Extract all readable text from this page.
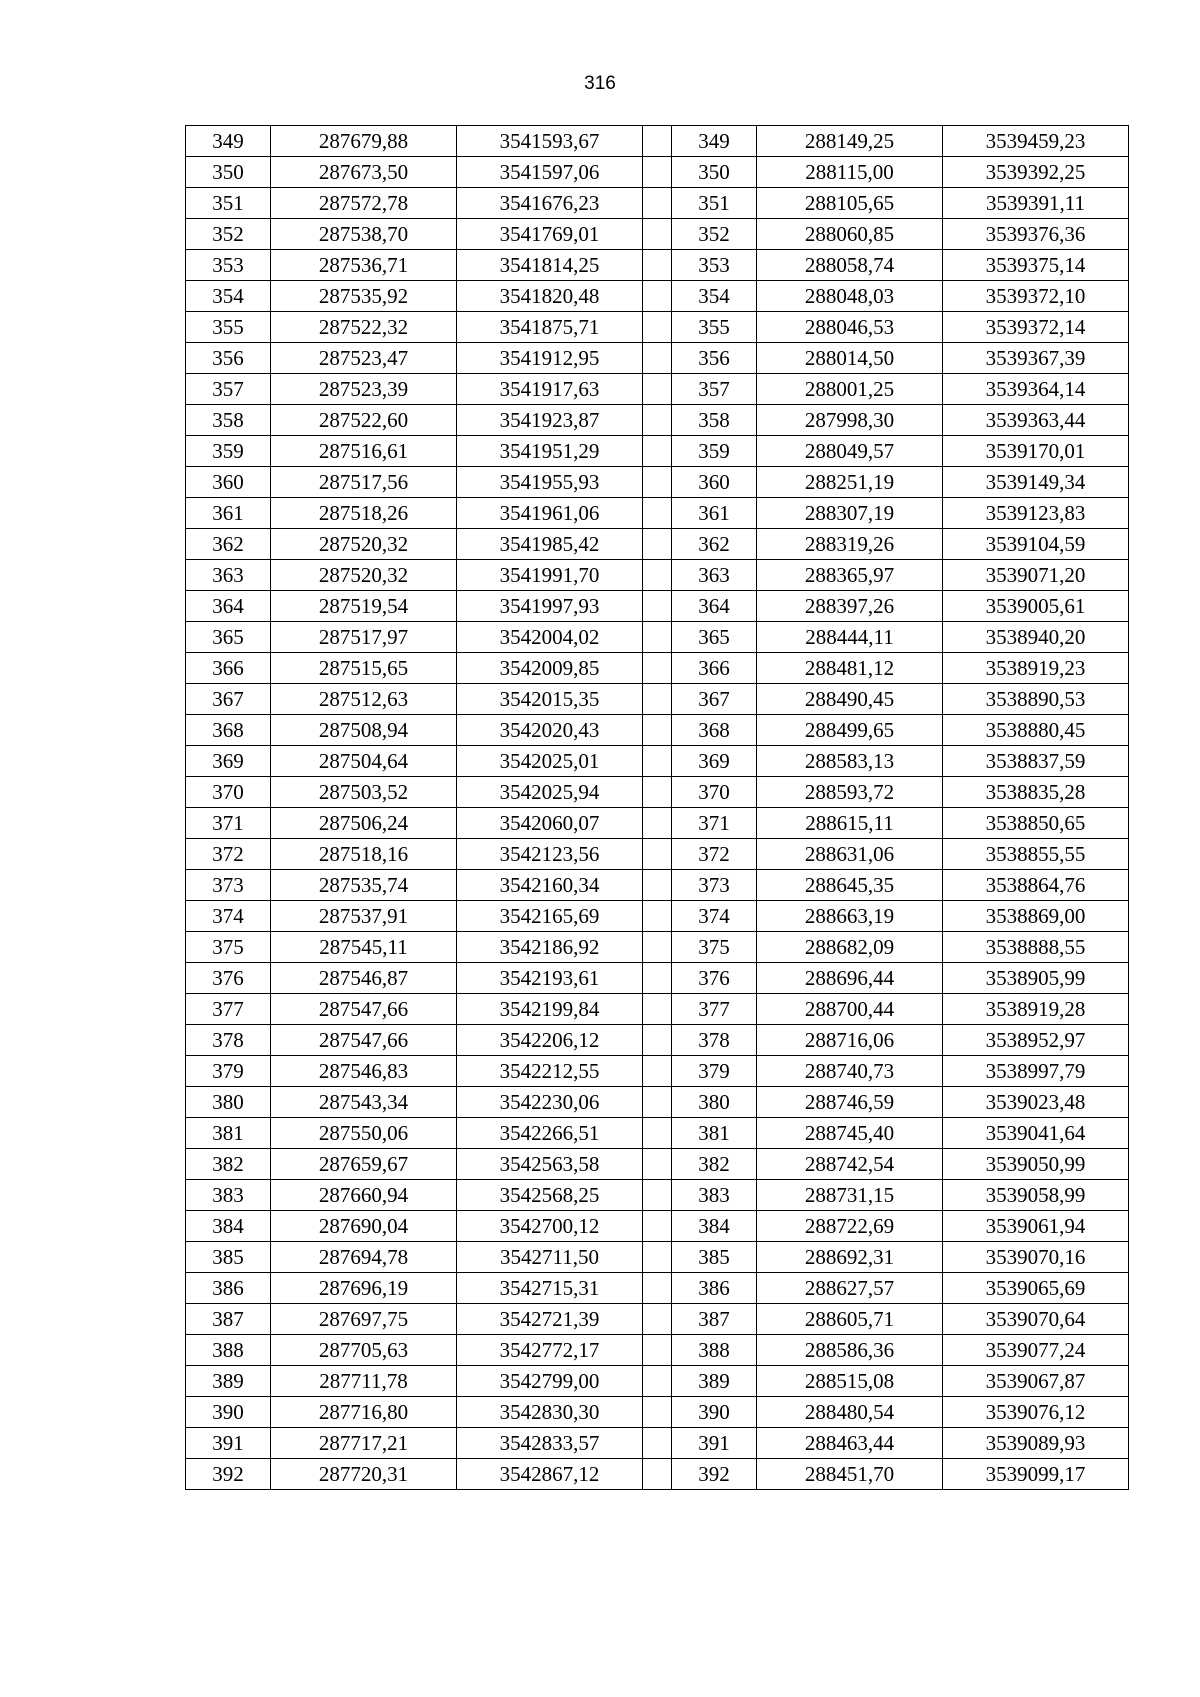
316
349	287679,88	3541593,67		349	288149,25	3539459,23
350	287673,50	3541597,06		350	288115,00	3539392,25
351	287572,78	3541676,23		351	288105,65	3539391,11
352	287538,70	3541769,01		352	288060,85	3539376,36
353	287536,71	3541814,25		353	288058,74	3539375,14
354	287535,92	3541820,48		354	288048,03	3539372,10
355	287522,32	3541875,71		355	288046,53	3539372,14
356	287523,47	3541912,95		356	288014,50	3539367,39
357	287523,39	3541917,63		357	288001,25	3539364,14
358	287522,60	3541923,87		358	287998,30	3539363,44
359	287516,61	3541951,29		359	288049,57	3539170,01
360	287517,56	3541955,93		360	288251,19	3539149,34
361	287518,26	3541961,06		361	288307,19	3539123,83
362	287520,32	3541985,42		362	288319,26	3539104,59
363	287520,32	3541991,70		363	288365,97	3539071,20
364	287519,54	3541997,93		364	288397,26	3539005,61
365	287517,97	3542004,02		365	288444,11	3538940,20
366	287515,65	3542009,85		366	288481,12	3538919,23
367	287512,63	3542015,35		367	288490,45	3538890,53
368	287508,94	3542020,43		368	288499,65	3538880,45
369	287504,64	3542025,01		369	288583,13	3538837,59
370	287503,52	3542025,94		370	288593,72	3538835,28
371	287506,24	3542060,07		371	288615,11	3538850,65
372	287518,16	3542123,56		372	288631,06	3538855,55
373	287535,74	3542160,34		373	288645,35	3538864,76
374	287537,91	3542165,69		374	288663,19	3538869,00
375	287545,11	3542186,92		375	288682,09	3538888,55
376	287546,87	3542193,61		376	288696,44	3538905,99
377	287547,66	3542199,84		377	288700,44	3538919,28
378	287547,66	3542206,12		378	288716,06	3538952,97
379	287546,83	3542212,55		379	288740,73	3538997,79
380	287543,34	3542230,06		380	288746,59	3539023,48
381	287550,06	3542266,51		381	288745,40	3539041,64
382	287659,67	3542563,58		382	288742,54	3539050,99
383	287660,94	3542568,25		383	288731,15	3539058,99
384	287690,04	3542700,12		384	288722,69	3539061,94
385	287694,78	3542711,50		385	288692,31	3539070,16
386	287696,19	3542715,31		386	288627,57	3539065,69
387	287697,75	3542721,39		387	288605,71	3539070,64
388	287705,63	3542772,17		388	288586,36	3539077,24
389	287711,78	3542799,00		389	288515,08	3539067,87
390	287716,80	3542830,30		390	288480,54	3539076,12
391	287717,21	3542833,57		391	288463,44	3539089,93
392	287720,31	3542867,12		392	288451,70	3539099,17
